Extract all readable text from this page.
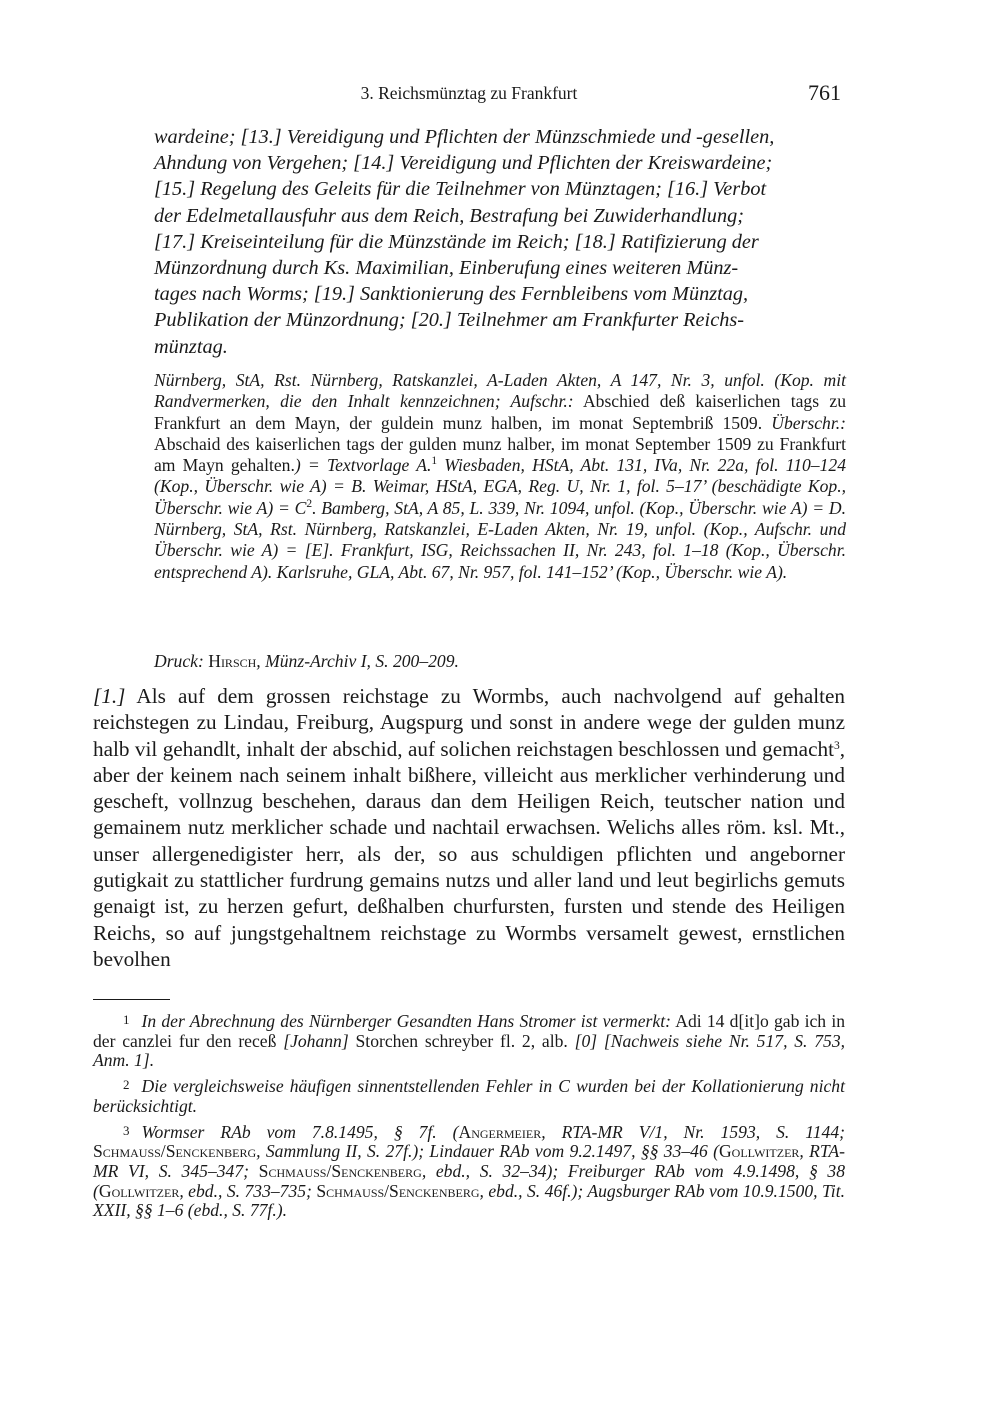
3. Reichsmünztag zu Frankfurt	761

wardeine; [13.] Vereidigung und Pflichten der Münzschmiede und -gesellen,

Ahndung von Vergehen; [14.] Vereidigung und Pflichten der Kreiswardeine;

[15.] Regelung des Geleits für die Teilnehmer von Münztagen; [16.] Verbot

der Edelmetallausfuhr aus dem Reich, Bestrafung bei Zuwiderhandlung;

[17.] Kreiseinteilung für die Münzstände im Reich; [18.] Ratifizierung der

Münzordnung durch Ks. Maximilian, Einberufung eines weiteren Münz-

tages nach Worms; [19.] Sanktionierung des Fernbleibens vom Münztag,

Publikation der Münzordnung; [20.] Teilnehmer am Frankfurter Reichs-

münztag.

Nürnberg, StA, Rst. Nürnberg, Ratskanzlei, A-Laden Akten, A 147, Nr. 3, unfol. (Kop. mit Randvermerken, die den Inhalt kennzeichnen; Aufschr.: Abschied deß kaiserlichen tags zu Frankfurt an dem Mayn, der guldein munz halben, im monat Septembriß 1509. Überschr.: Abschaid des kaiserlichen tags der gulden munz halber, im monat September 1509 zu Frankfurt am Mayn gehalten.) = Textvorlage A.$^1$ Wiesbaden, HStA, Abt. 131, IVa, Nr. 22a, fol. 110–124 (Kop., Überschr. wie A) = B. Weimar, HStA, EGA, Reg. U, Nr. 1, fol. 5–17’ (beschädigte Kop., Überschr. wie $A) = C^2$. Bamberg, StA, A 85, L. 339, Nr. 1094, unfol. (Kop., Überschr. wie A) = D. Nürnberg, StA, Rst. Nürnberg, Ratskanzlei, E-Laden Akten, Nr. 19, unfol. (Kop., Aufschr. und Überschr. wie A) = [E]. Frankfurt, ISG, Reichssachen II, Nr. 243, fol. 1–18 (Kop., Überschr. entsprechend A). Karlsruhe, GLA, Abt. 67, Nr. 957, fol. 141–152’ (Kop., Überschr. wie A).
Druck: Hirsch, Münz-Archiv I, S. 200–209.
[1.] Als auf dem grossen reichstage zu Wormbs, auch nachvolgend auf gehalten reichstegen zu Lindau, Freiburg, Augspurg und sonst in andere wege der gulden munz halb vil gehandlt, inhalt der abschid, auf solichen reichstagen beschlossen und gemacht$^3$, aber der keinem nach seinem inhalt bißhere, villeicht aus merklicher verhinderung und gescheft, vollnzug beschehen, daraus dan dem Heiligen Reich, teutscher nation und gemainem nutz merklicher schade und nachtail erwachsen. Welichs alles röm. ksl. Mt., unser allergenedigister herr, als der, so aus schuldigen pflichten und angeborner gutigkait zu stattlicher furdrung gemains nutzs und aller land und leut begirlichs gemuts genaigt ist, zu herzen gefurt, deßhalben churfursten, fursten und stende des Heiligen Reichs, so auf jungstgehaltnem reichstage zu Wormbs versamelt gewest, ernstlichen bevolhen

1 In der Abrechnung des Nürnberger Gesandten Hans Stromer ist vermerkt: Adi 14 d[it]o gab ich in der canzlei fur den receß [Johann] Storchen schreyber fl. 2, alb. [0] [Nachweis siehe Nr. 517, S. 753, Anm. 1].

2 Die vergleichsweise häufigen sinnentstellenden Fehler in C wurden bei der Kollationierung nicht berücksichtigt.

3 Wormser RAb vom 7.8.1495, § 7f. (Angermeier, RTA-MR V/1, Nr. 1593, S. 1144; Schmauss/Senckenberg, Sammlung II, S. 27f.); Lindauer RAb vom 9.2.1497, §§ 33–46 (Gollwitzer, RTA-MR VI, S. 345–347; Schmauss/Senckenberg, ebd., S. 32–34); Freiburger RAb vom 4.9.1498, § 38 (Gollwitzer, ebd., S. 733–735; Schmauss/Senckenberg, ebd., S. 46f.); Augsburger RAb vom 10.9.1500, Tit. XXII, §§ 1–6 (ebd., S. 77f.).
